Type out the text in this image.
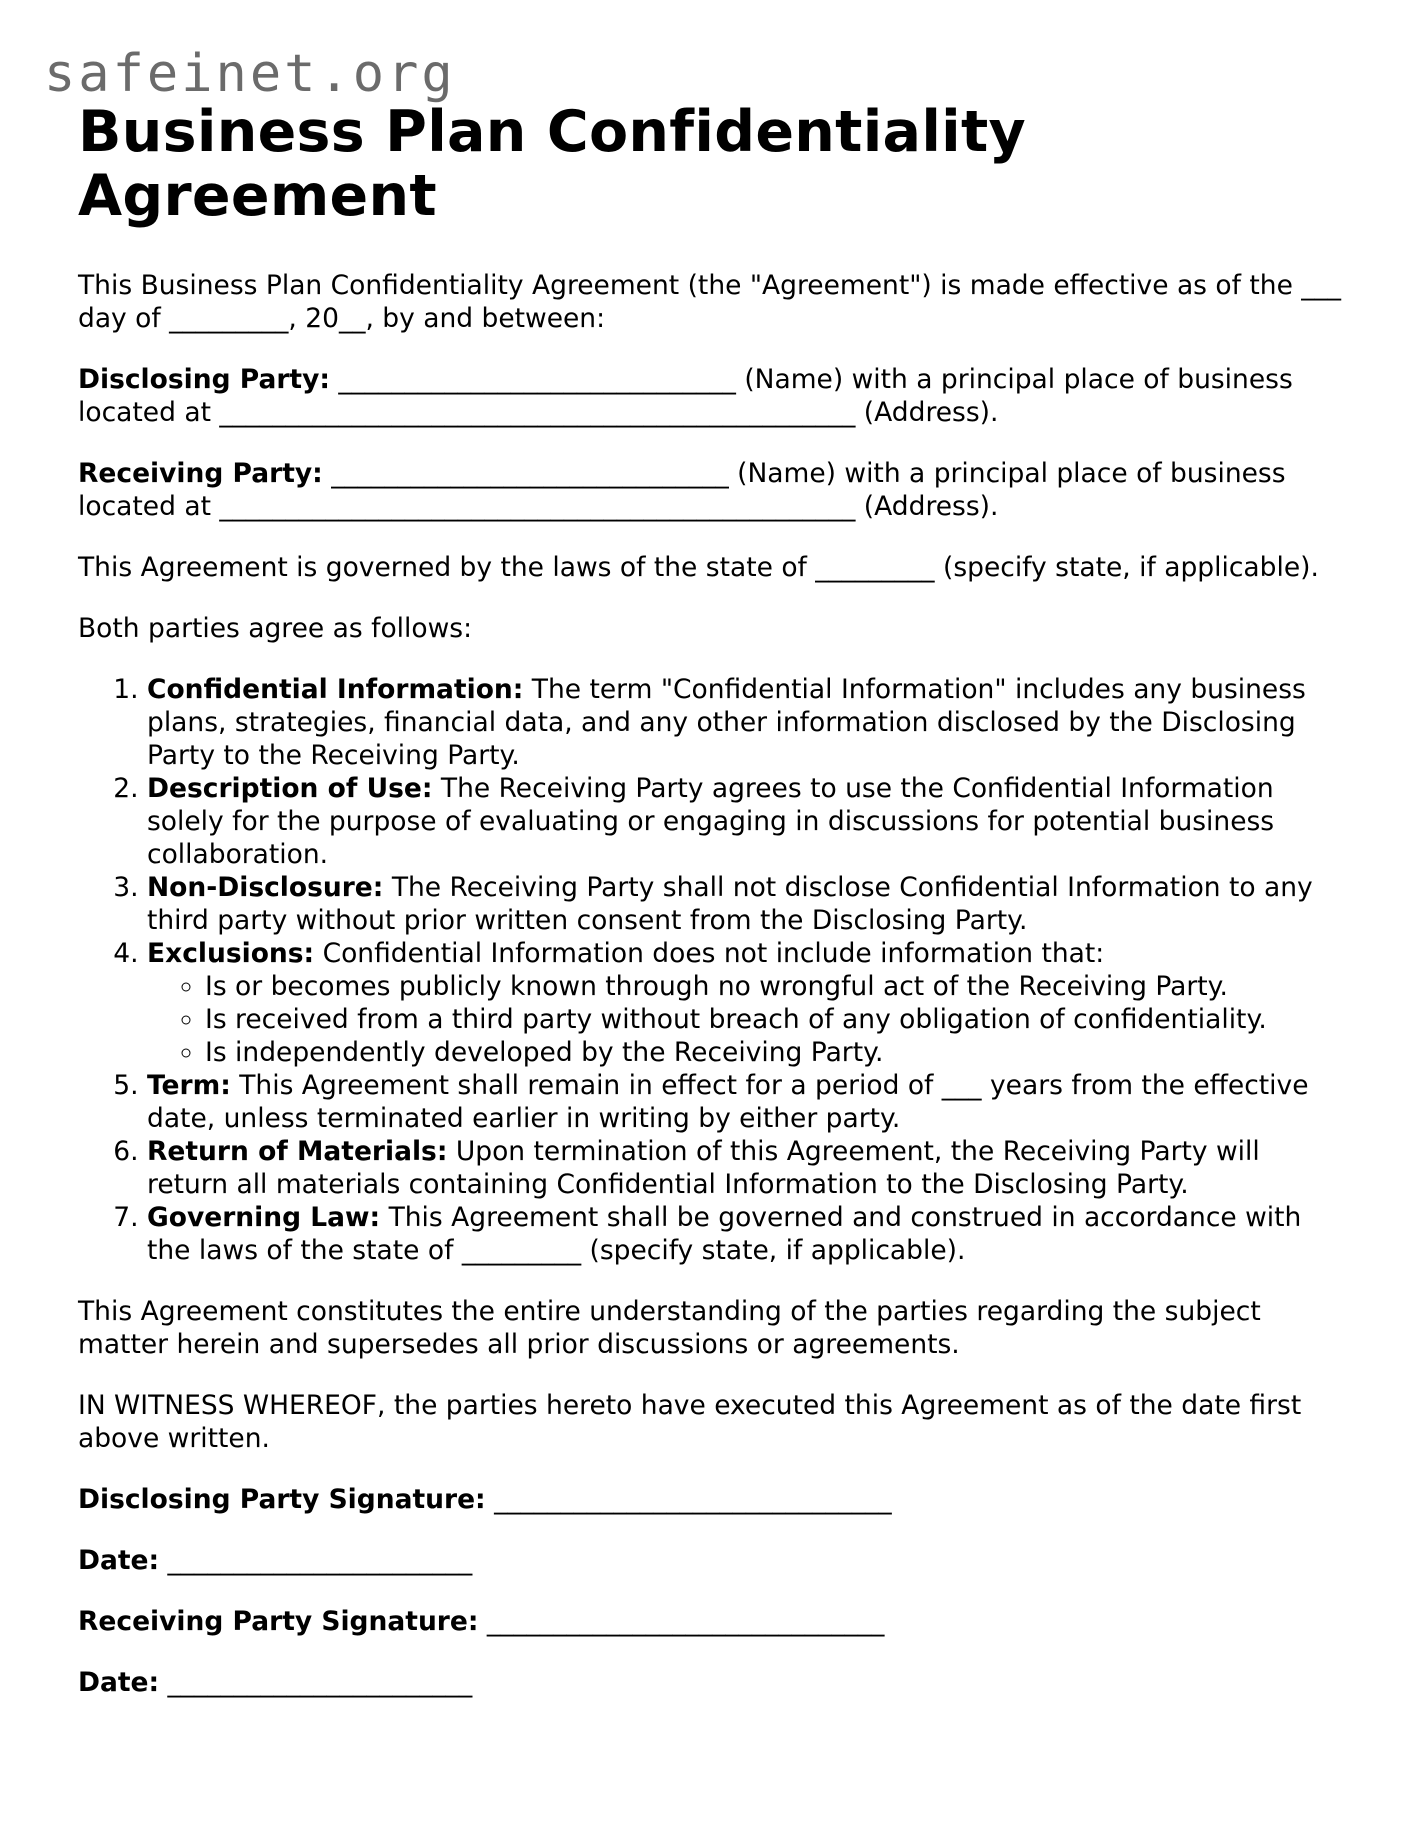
safeinet.org
Business Plan Confidentiality Agreement

This Business Plan Confidentiality Agreement (the "Agreement") is made effective as of the ___ day of _________, 20__, by and between:

Disclosing Party: ______________________________ (Name) with a principal place of business located at ________________________________________________ (Address).

Receiving Party: ______________________________ (Name) with a principal place of business located at ________________________________________________ (Address).

This Agreement is governed by the laws of the state of _________ (specify state, if applicable).

Both parties agree as follows:

1. Confidential Information: The term "Confidential Information" includes any business plans, strategies, financial data, and any other information disclosed by the Disclosing Party to the Receiving Party.
2. Description of Use: The Receiving Party agrees to use the Confidential Information solely for the purpose of evaluating or engaging in discussions for potential business collaboration.
3. Non-Disclosure: The Receiving Party shall not disclose Confidential Information to any third party without prior written consent from the Disclosing Party.
4. Exclusions: Confidential Information does not include information that:
◦ Is or becomes publicly known through no wrongful act of the Receiving Party.
◦ Is received from a third party without breach of any obligation of confidentiality.
◦ Is independently developed by the Receiving Party.
5. Term: This Agreement shall remain in effect for a period of ___ years from the effective date, unless terminated earlier in writing by either party.
6. Return of Materials: Upon termination of this Agreement, the Receiving Party will return all materials containing Confidential Information to the Disclosing Party.
7. Governing Law: This Agreement shall be governed and construed in accordance with the laws of the state of _________ (specify state, if applicable).

This Agreement constitutes the entire understanding of the parties regarding the subject matter herein and supersedes all prior discussions or agreements.

IN WITNESS WHEREOF, the parties hereto have executed this Agreement as of the date first above written.

Disclosing Party Signature: ______________________________

Date: _______________________

Receiving Party Signature: ______________________________

Date: _______________________
